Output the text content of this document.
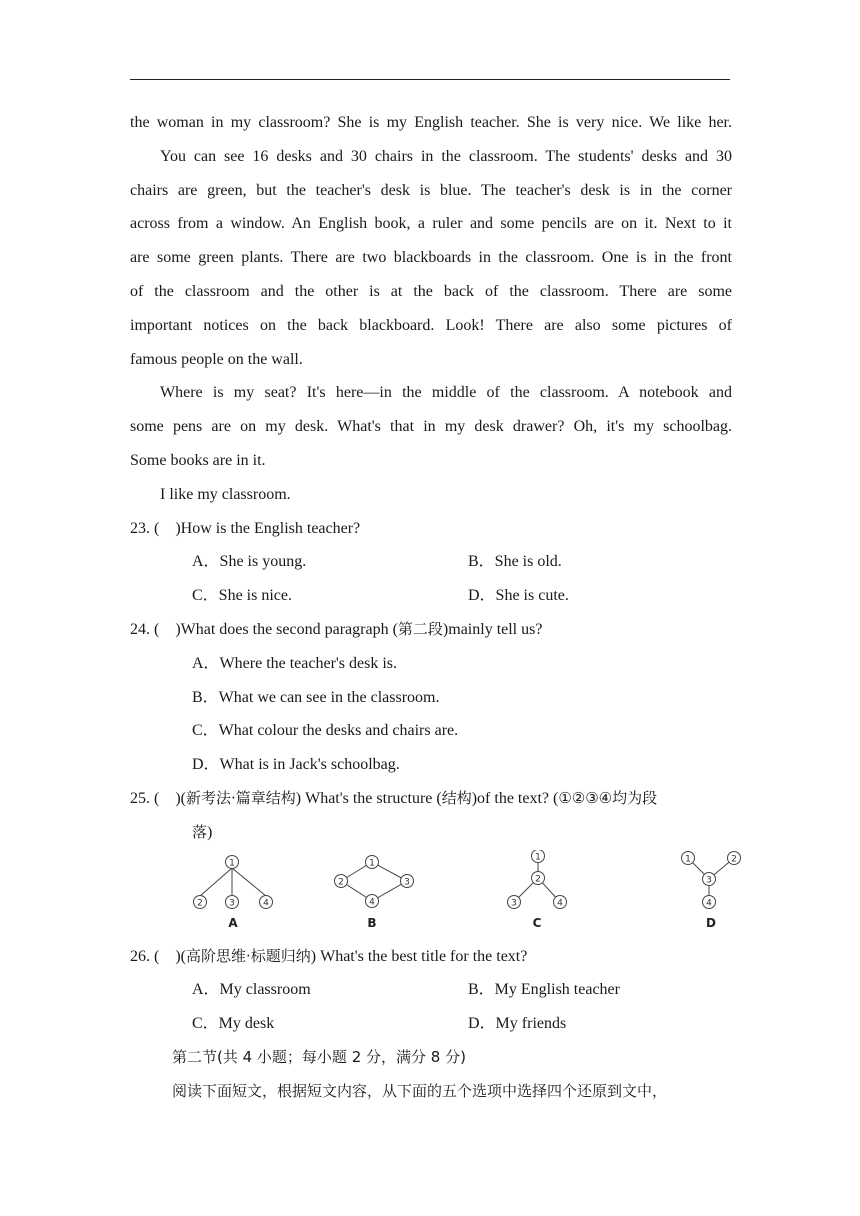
the woman in my classroom? She is my English teacher. She is very nice. We like her.
You can see 16 desks and 30 chairs in the classroom. The students' desks and 30
chairs are green, but the teacher's desk is blue. The teacher's desk is in the corner
across from a window. An English book, a ruler and some pencils are on it. Next to it
are some green plants. There are two blackboards in the classroom. One is in the front
of the classroom and the other is at the back of the classroom. There are some
important notices on the back blackboard. Look! There are also some pictures of
famous people on the wall.
Where is my seat? It's here—in the middle of the classroom. A notebook and
some pens are on my desk. What's that in my desk drawer? Oh, it's my schoolbag.
Some books are in it.
I like my classroom.
23. (    )How is the English teacher?
A．She is young.	B．She is old.
C．She is nice.	D．She is cute.
24. (    )What does the second paragraph (第二段)mainly tell us?
A．Where the teacher's desk is.
B．What we can see in the classroom.
C．What colour the desks and chairs are.
D．What is in Jack's schoolbag.
25. (    )(新考法·篇章结构) What's the structure (结构)of the text? (①②③④均为段
落)
1
2	3	4
A
1
2	3
4
B
1
2
3	4
C
1	2
3
4
D
26. (    )(高阶思维·标题归纳) What's the best title for the text?
A．My classroom	B．My English teacher
C．My desk	D．My friends
第二节(共 4 小题；每小题 2 分，满分 8 分)
阅读下面短文，根据短文内容，从下面的五个选项中选择四个还原到文中，
